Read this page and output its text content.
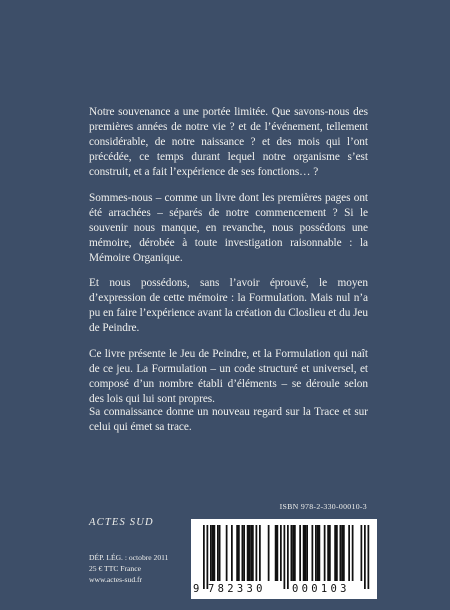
Notre souvenance a une portée limitée. Que savons-nous des premières années de notre vie ? et de l’événement, tellement considérable, de notre naissance ? et des mois qui l’ont précédée, ce temps durant lequel notre organisme s’est construit, et a fait l’expérience de ses fonctions… ?

Sommes-nous – comme un livre dont les premières pages ont été arrachées – séparés de notre commencement ? Si le souvenir nous manque, en revanche, nous possédons une mémoire, dérobée à toute investigation raisonnable : la Mémoire Organique.

Et nous possédons, sans l’avoir éprouvé, le moyen d’expression de cette mémoire : la Formulation. Mais nul n’a pu en faire l’expérience avant la création du Closlieu et du Jeu de Peindre.

Ce livre présente le Jeu de Peindre, et la Formulation qui naît de ce jeu. La Formulation – un code structuré et universel, et composé d’un nombre établi d’éléments – se déroule selon des lois qui lui sont propres.

Sa connaissance donne un nouveau regard sur la Trace et sur celui qui émet sa trace.

ACTES SUD

DÉP. LÉG. : octobre 2011
25 € TTC France
www.actes-sud.fr

ISBN 978-2-330-00010-3

9 782330	000103
